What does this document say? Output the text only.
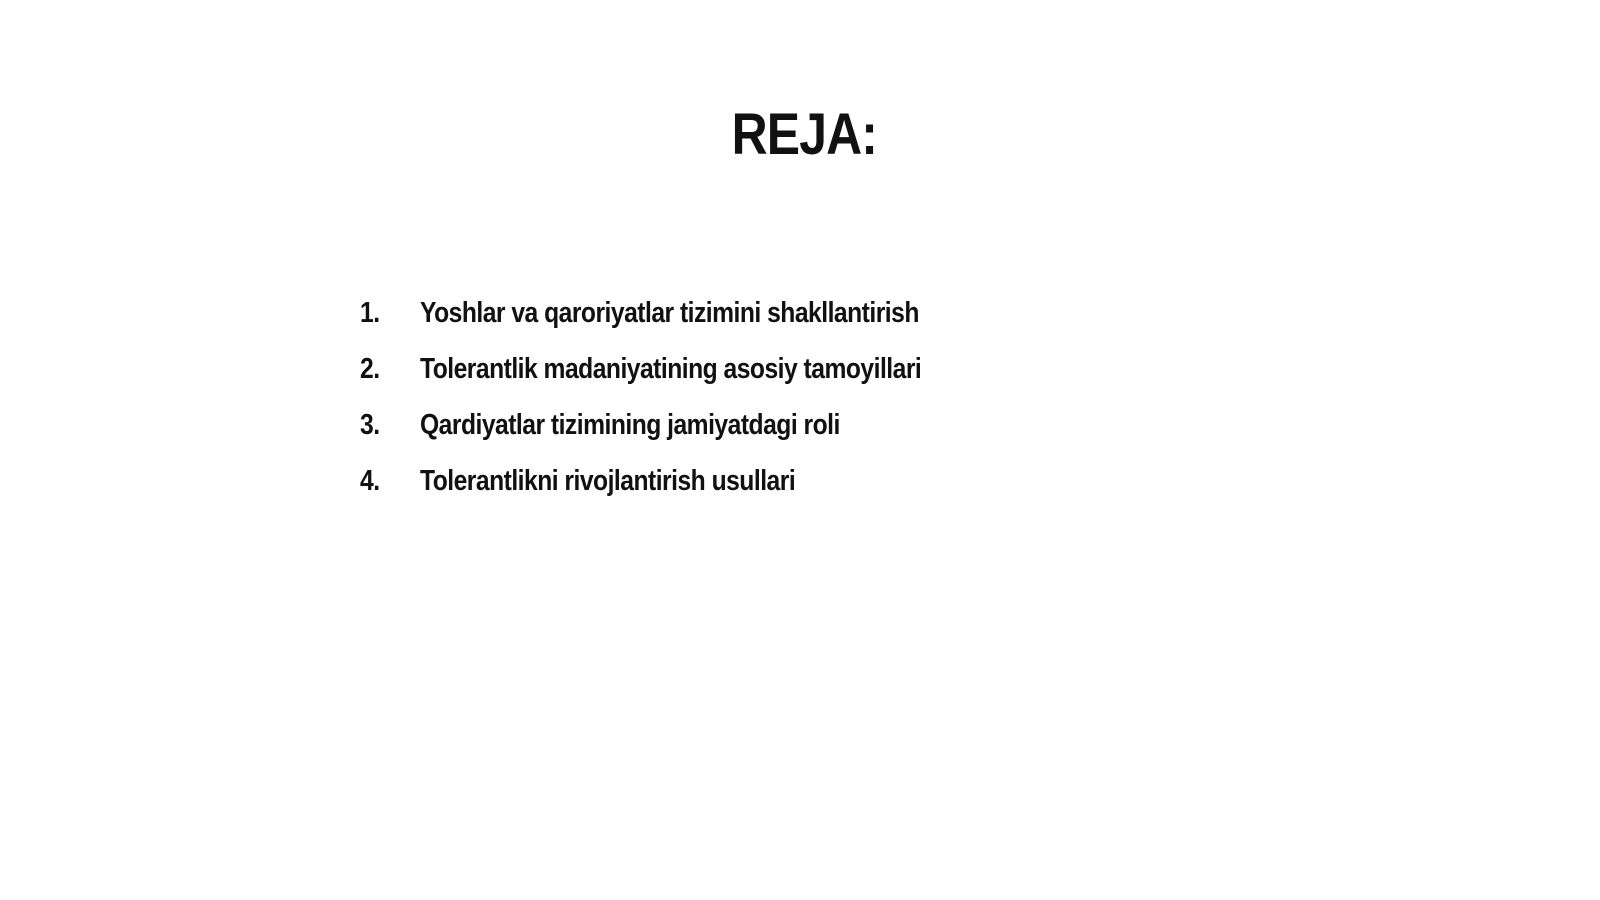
REJA:
1.	Yoshlar va qaroriyatlar tizimini shakllantirish
2.	Tolerantlik madaniyatining asosiy tamoyillari
3.	Qardiyatlar tizimining jamiyatdagi roli
4.	Tolerantlikni rivojlantirish usullari
